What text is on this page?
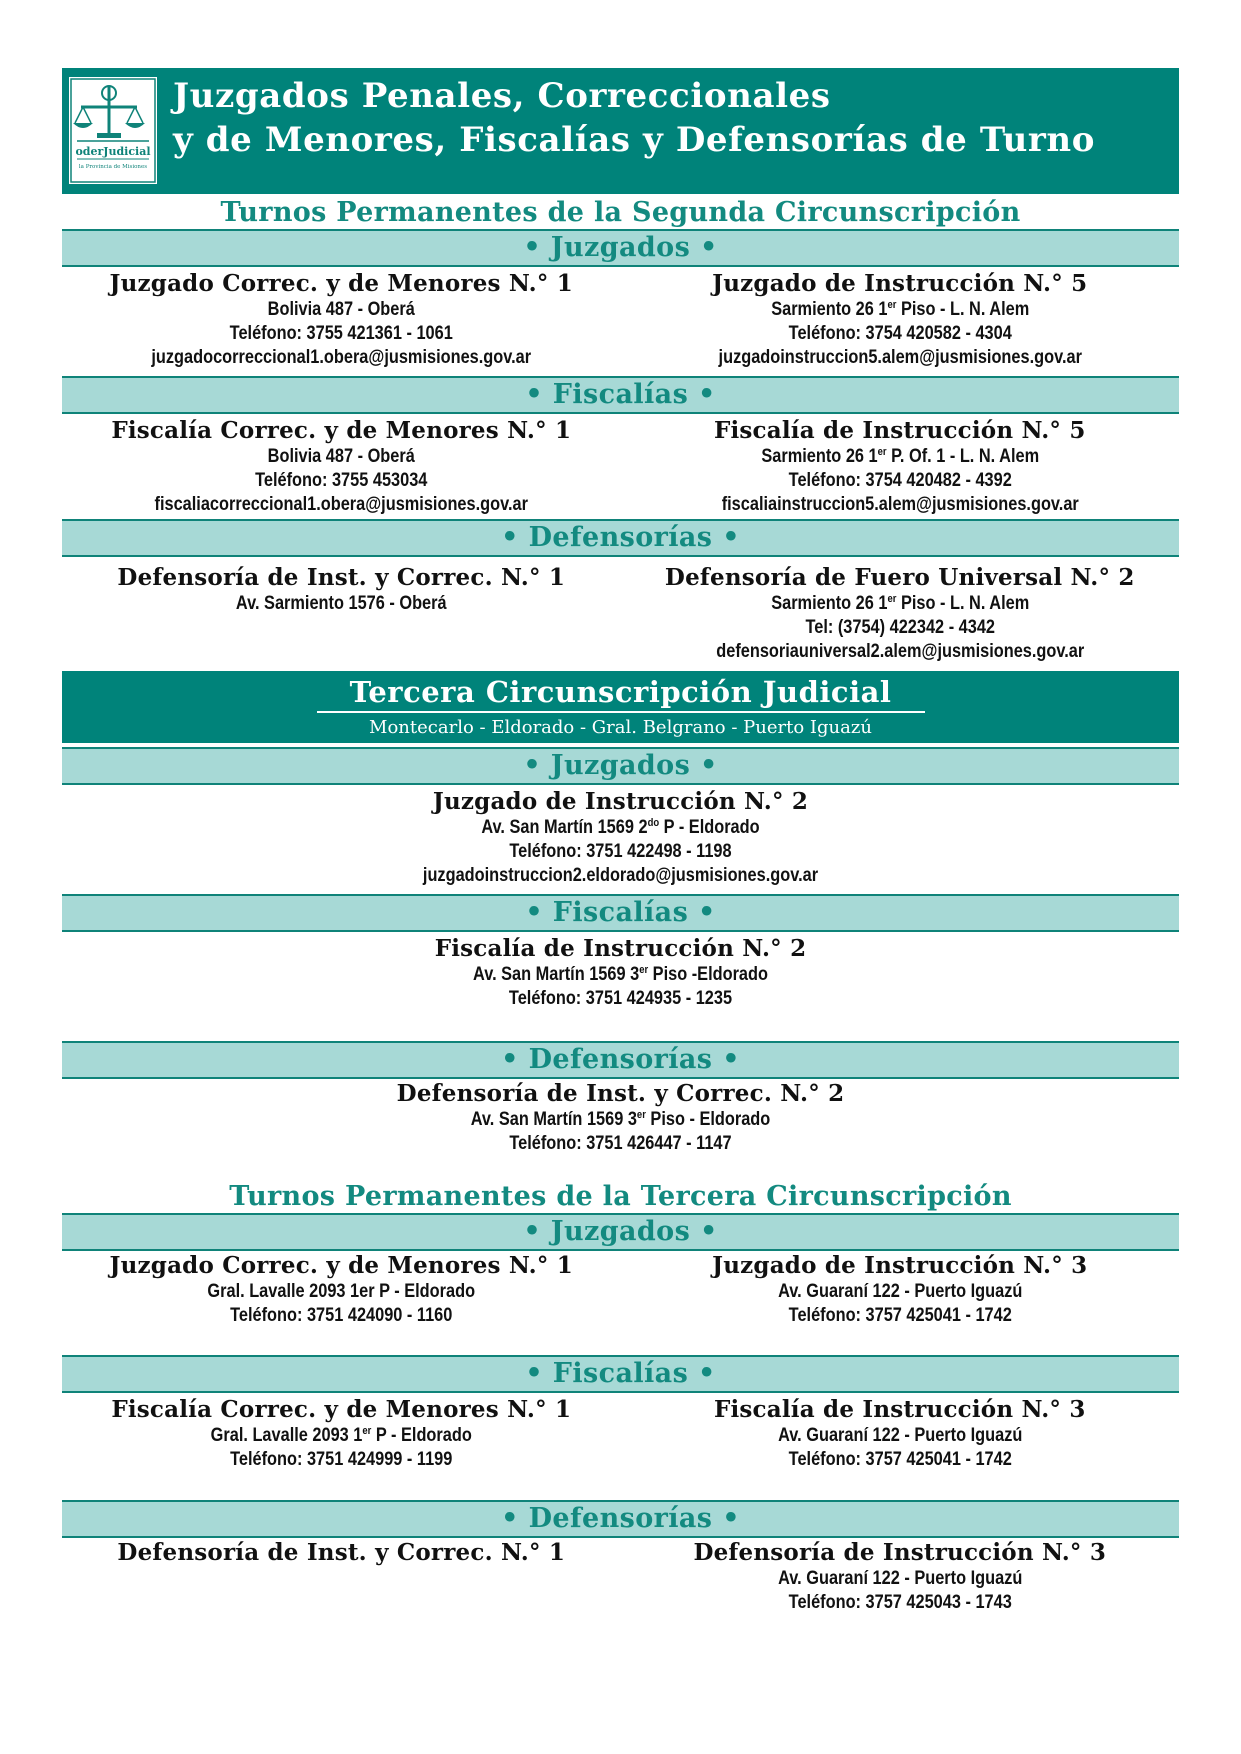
oderJudicial
la Provincia de Misiones
Juzgados Penales, Correccionales
y de Menores, Fiscalías y Defensorías de Turno
Turnos Permanentes de la Segunda Circunscripción
• Juzgados •
Juzgado Correc. y de Menores N.° 1
Bolivia 487 - Oberá
Teléfono: 3755 421361 - 1061
juzgadocorreccional1.obera@jusmisiones.gov.ar
Juzgado de Instrucción N.° 5
Sarmiento 26 1er Piso - L. N. Alem
Teléfono: 3754 420582 - 4304
juzgadoinstruccion5.alem@jusmisiones.gov.ar
• Fiscalías •
Fiscalía Correc. y de Menores N.° 1
Bolivia 487 - Oberá
Teléfono: 3755 453034
fiscaliacorreccional1.obera@jusmisiones.gov.ar
Fiscalía de Instrucción N.° 5
Sarmiento 26 1er P. Of. 1 - L. N. Alem
Teléfono: 3754 420482 - 4392
fiscaliainstruccion5.alem@jusmisiones.gov.ar
• Defensorías •
Defensoría de Inst. y Correc. N.° 1
Av. Sarmiento 1576 - Oberá
Defensoría de Fuero Universal N.° 2
Sarmiento 26 1er Piso - L. N. Alem
Tel: (3754) 422342 - 4342
defensoriauniversal2.alem@jusmisiones.gov.ar
Tercera Circunscripción Judicial
Montecarlo - Eldorado - Gral. Belgrano - Puerto Iguazú
• Juzgados •
Juzgado de Instrucción N.° 2
Av. San Martín 1569 $2^{do}$ P - Eldorado
Teléfono: 3751 422498 - 1198
juzgadoinstruccion2.eldorado@jusmisiones.gov.ar
• Fiscalías •
Fiscalía de Instrucción N.° 2
Av. San Martín 1569 3er Piso -Eldorado
Teléfono: 3751 424935 - 1235
• Defensorías •
Defensoría de Inst. y Correc. N.° 2
Av. San Martín 1569 3er Piso - Eldorado
Teléfono: 3751 426447 - 1147
Turnos Permanentes de la Tercera Circunscripción
• Juzgados •
Juzgado Correc. y de Menores N.° 1
Gral. Lavalle 2093 1er P - Eldorado
Teléfono: 3751 424090 - 1160
Juzgado de Instrucción N.° 3
Av. Guaraní 122 - Puerto Iguazú
Teléfono: 3757 425041 - 1742
• Fiscalías •
Fiscalía Correc. y de Menores N.° 1
Gral. Lavalle 2093 1er P - Eldorado
Teléfono: 3751 424999 - 1199
Fiscalía de Instrucción N.° 3
Av. Guaraní 122 - Puerto Iguazú
Teléfono: 3757 425041 - 1742
• Defensorías •
Defensoría de Inst. y Correc. N.° 1	Defensoría de Instrucción N.° 3
Av. Guaraní 122 - Puerto Iguazú
Teléfono: 3757 425043 - 1743
